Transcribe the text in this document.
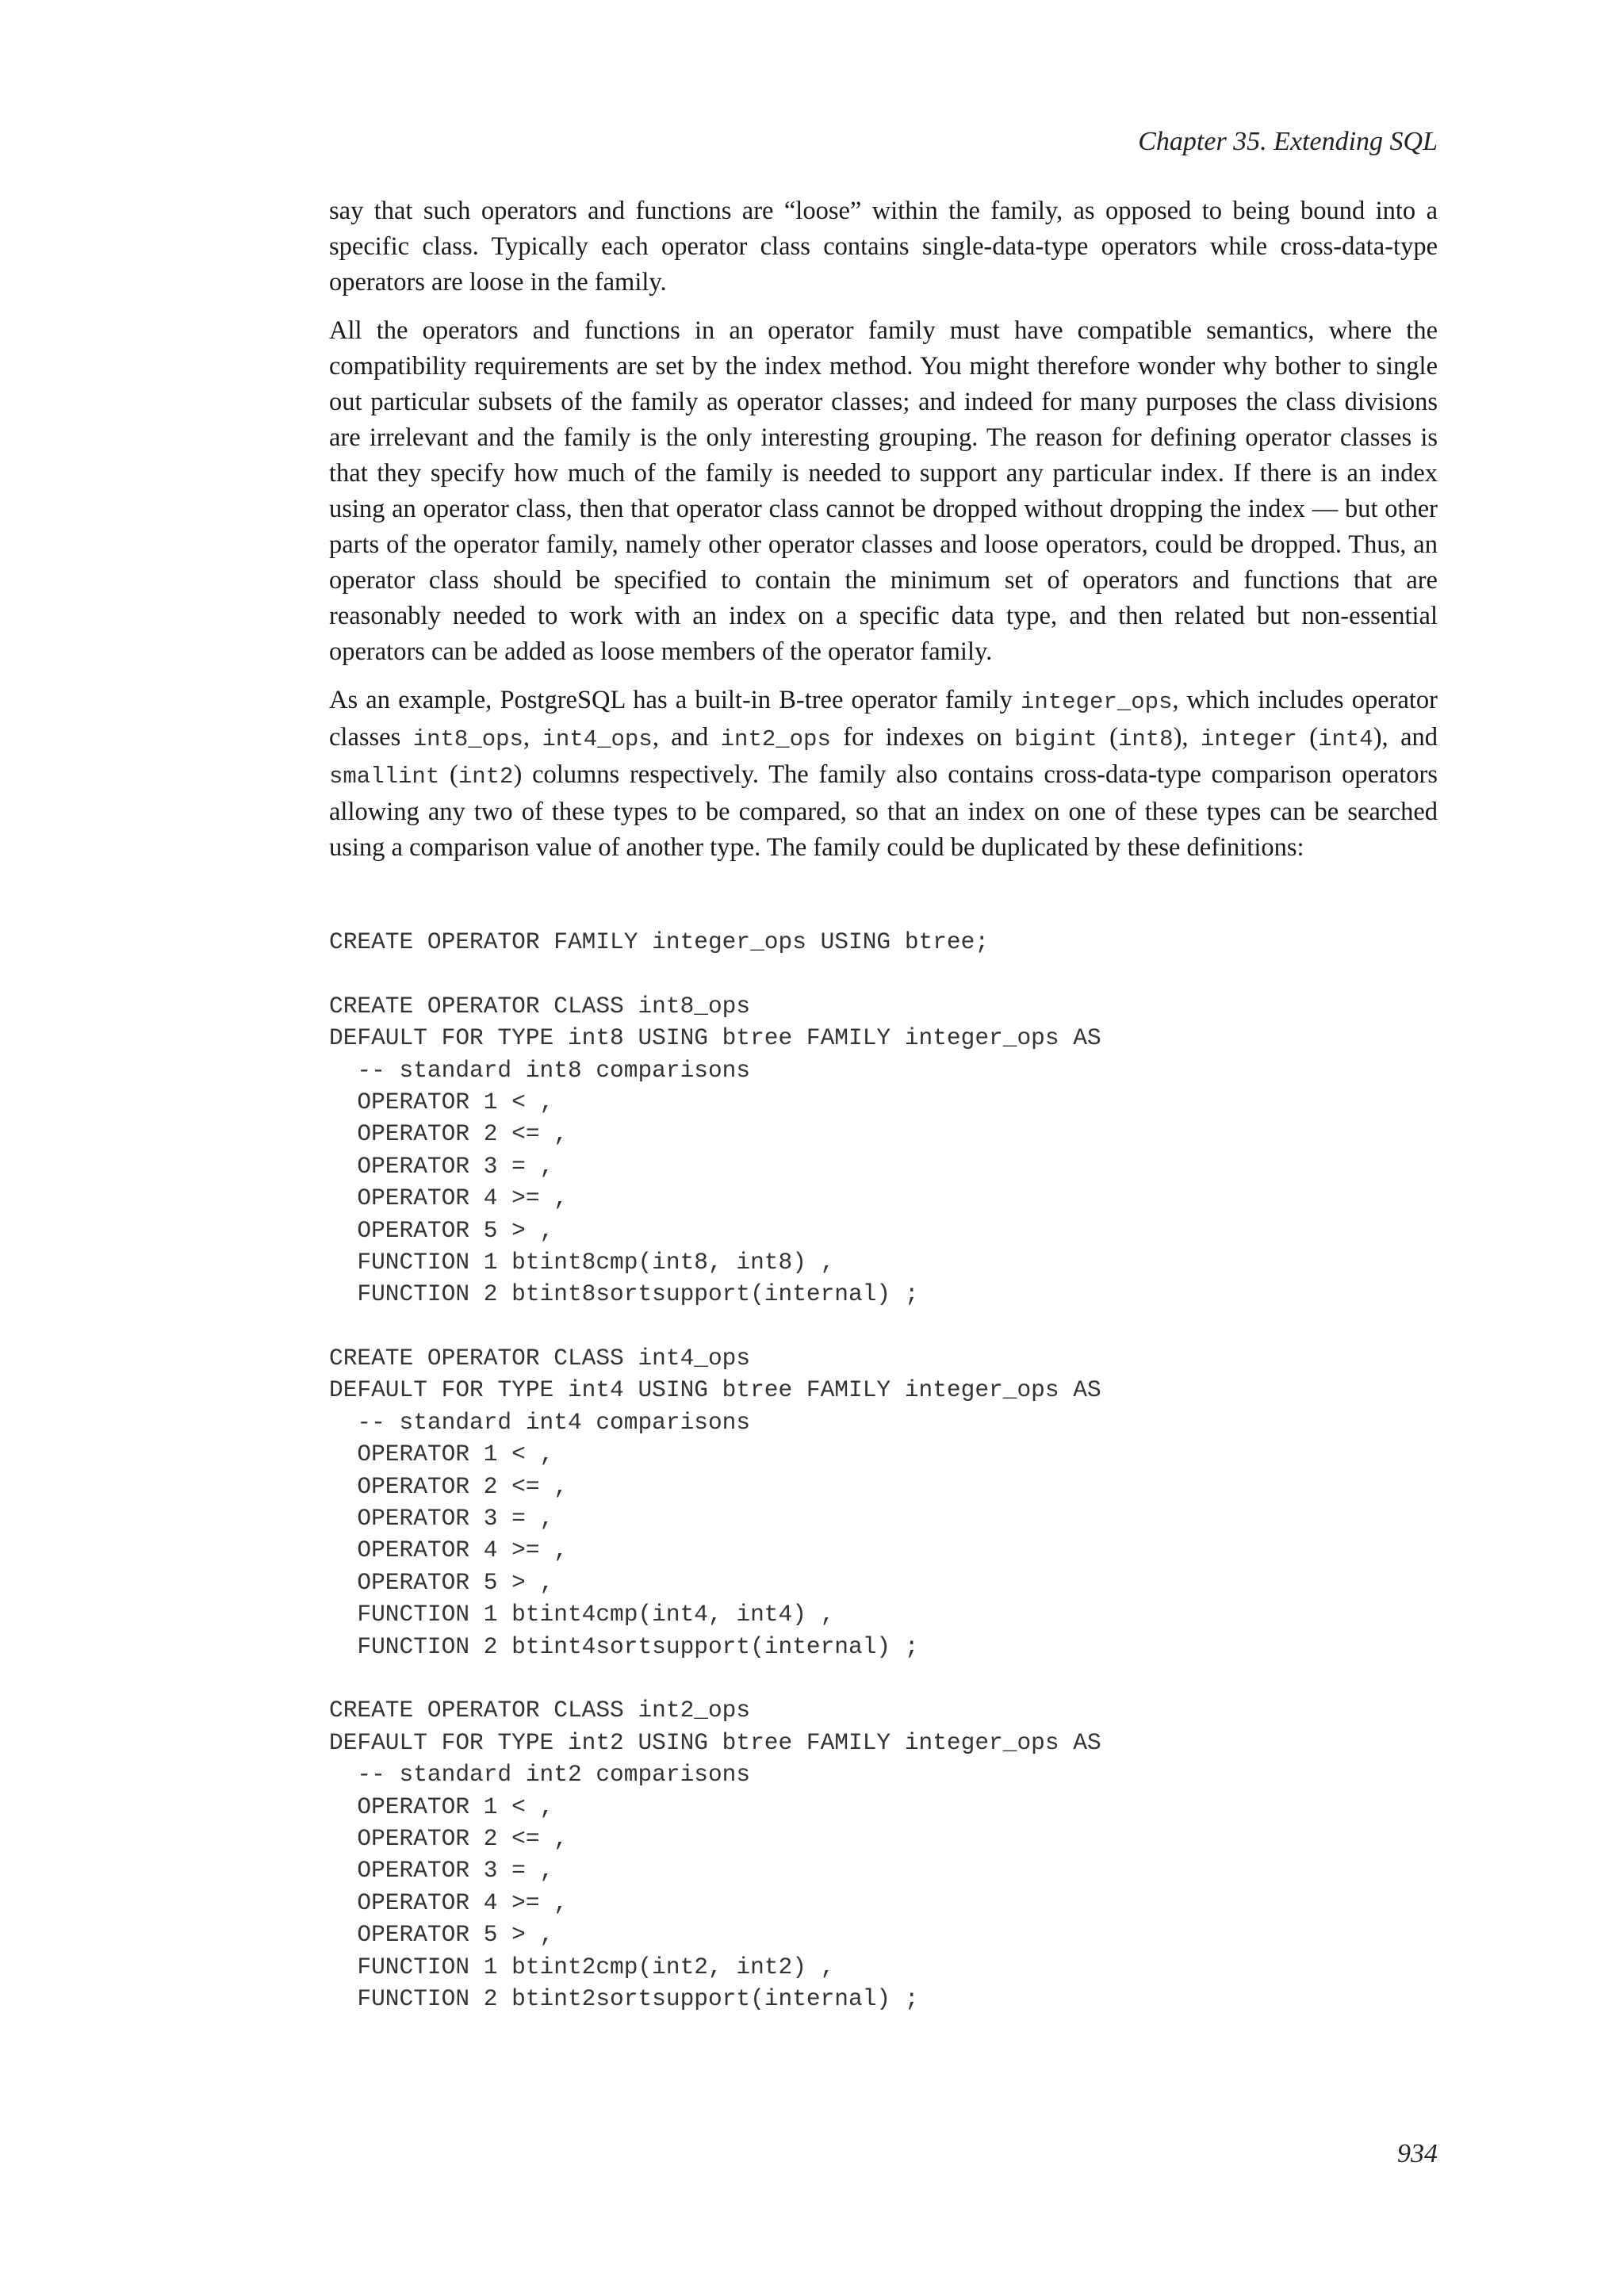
Chapter 35. Extending SQL

say that such operators and functions are “loose” within the family, as opposed to being bound into a specific class. Typically each operator class contains single-data-type operators while cross-data-type operators are loose in the family.

All the operators and functions in an operator family must have compatible semantics, where the compatibility requirements are set by the index method. You might therefore wonder why bother to single out particular subsets of the family as operator classes; and indeed for many purposes the class divisions are irrelevant and the family is the only interesting grouping. The reason for defining operator classes is that they specify how much of the family is needed to support any particular index. If there is an index using an operator class, then that operator class cannot be dropped without dropping the index — but other parts of the operator family, namely other operator classes and loose operators, could be dropped. Thus, an operator class should be specified to contain the minimum set of operators and functions that are reasonably needed to work with an index on a specific data type, and then related but non-essential operators can be added as loose members of the operator family.

As an example, PostgreSQL has a built-in B-tree operator family integer_ops, which includes operator classes int8_ops, int4_ops, and int2_ops for indexes on bigint (int8), integer (int4), and smallint (int2) columns respectively. The family also contains cross-data-type comparison operators allowing any two of these types to be compared, so that an index on one of these types can be searched using a comparison value of another type. The family could be duplicated by these definitions:

CREATE OPERATOR FAMILY integer_ops USING btree;
CREATE OPERATOR CLASS int8_ops
DEFAULT FOR TYPE int8 USING btree FAMILY integer_ops AS
-- standard int8 comparisons
OPERATOR 1 < ,
OPERATOR 2 <= ,
OPERATOR 3 = ,
OPERATOR 4 >= ,
OPERATOR 5 > ,
FUNCTION 1 btint8cmp(int8, int8) ,
FUNCTION 2 btint8sortsupport(internal) ;
CREATE OPERATOR CLASS int4_ops
DEFAULT FOR TYPE int4 USING btree FAMILY integer_ops AS
-- standard int4 comparisons
OPERATOR 1 < ,
OPERATOR 2 <= ,
OPERATOR 3 = ,
OPERATOR 4 >= ,
OPERATOR 5 > ,
FUNCTION 1 btint4cmp(int4, int4) ,
FUNCTION 2 btint4sortsupport(internal) ;
CREATE OPERATOR CLASS int2_ops
DEFAULT FOR TYPE int2 USING btree FAMILY integer_ops AS
-- standard int2 comparisons
OPERATOR 1 < ,
OPERATOR 2 <= ,
OPERATOR 3 = ,
OPERATOR 4 >= ,
OPERATOR 5 > ,
FUNCTION 1 btint2cmp(int2, int2) ,
FUNCTION 2 btint2sortsupport(internal) ;
934
